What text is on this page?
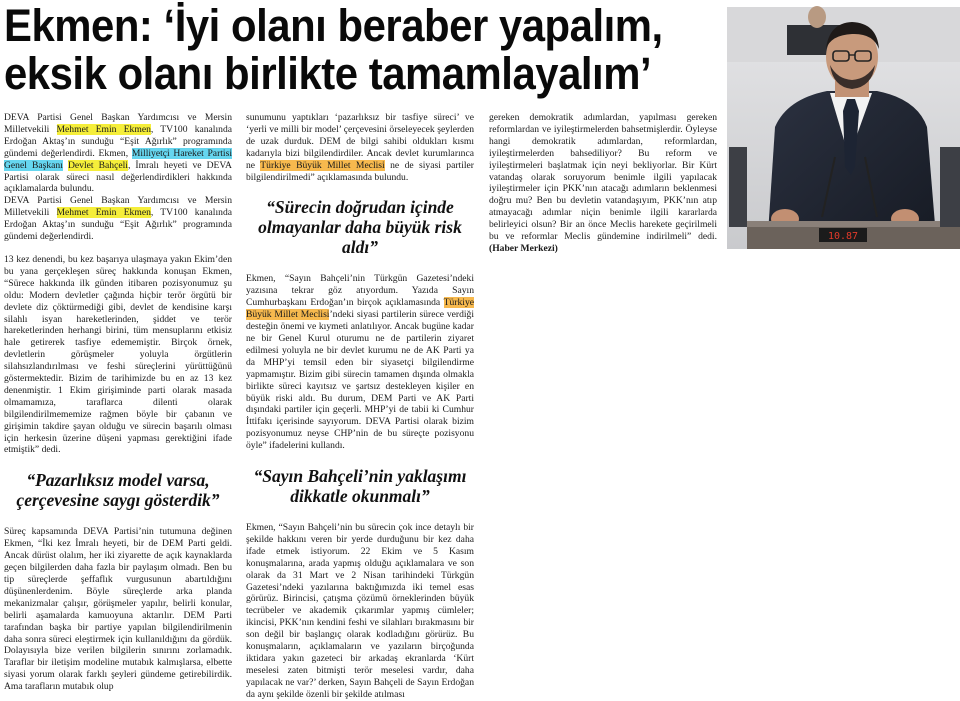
Ekmen: ‘İyi olanı beraber yapalım,
eksik olanı birlikte tamamlayalım’

DEVA Partisi Genel Başkan Yardımcısı ve Mersin Milletvekili Mehmet Emin Ekmen, TV100 kanalında Erdoğan Aktaş’ın sunduğu “Eşit Ağırlık” programında gündemi değerlendirdi. Ekmen, Milliyetçi Hareket Partisi Genel Başkanı Devlet Bahçeli, İmralı heyeti ve DEVA Partisi olarak süreci nasıl değerlendirdikleri hakkında açıklamalarda bulundu.

DEVA Partisi Genel Başkan Yardımcısı ve Mersin Milletvekili Mehmet Emin Ekmen, TV100 kanalında Erdoğan Aktaş’ın sunduğu “Eşit Ağırlık” programında gündemi değerlendirdi.

13 kez denendi, bu kez başarıya ulaşmaya yakın Ekim’den bu yana gerçekleşen süreç hakkında konuşan Ekmen, “Sürece hakkında ilk günden itibaren pozisyonumuz şu oldu: Modern devletler çağında hiçbir terör örgütü bir devlete diz çöktürmediği gibi, devlet de kendisine karşı silahlı isyan hareketlerinden, şiddet ve terör hareketlerinden herhangi birini, tüm mensuplarını etkisiz hale getirerek tasfiye edememiştir. Birçok örnek, devletlerin görüşmeler yoluyla örgütlerin silahsızlandırılması ve feshi süreçlerini yürüttüğünü göstermektedir. Bizim de tarihimizde bu en az 13 kez denenmiştir. 1 Ekim girişiminde parti olarak masada olmamamıza, taraflarca dilenti olarak bilgilendirilmememize rağmen böyle bir çabanın ve girişimin takdire şayan olduğu ve sürecin başarılı olması için herkesin üzerine düşeni yapması gerektiğini ifade etmiştik” dedi.

“Pazarlıksız model varsa, çerçevesine saygı gösterdik”

Süreç kapsamında DEVA Partisi’nin tutumuna değinen Ekmen, “İki kez İmralı heyeti, bir de DEM Parti geldi. Ancak dürüst olalım, her iki ziyarette de açık kaynaklarda geçen bilgilerden daha fazla bir paylaşım olmadı. Ben bu tip süreçlerde şeffaflık vurgusunun abartıldığını düşünenlerdenim. Böyle süreçlerde arka planda mekanizmalar çalışır, görüşmeler yapılır, belirli konular, belirli aşamalarda kamuoyuna aktarılır. DEM Parti tarafından başka bir partiye yapılan bilgilendirilmenin daha sonra süreci eleştirmek için kullanıldığını da gördük. Dolayısıyla bize verilen bilgilerin sınırını zorlamadık. Taraflar bir iletişim modeline mutabık kalmışlarsa, elbette siyasi yorum olarak farklı şeyleri gündeme getirebilirdik. Ama tarafların mutabık olup

sunumunu yaptıkları ‘pazarlıksız bir tasfiye süreci’ ve ‘yerli ve milli bir model’ çerçevesini örseleyecek şeylerden de uzak durduk. DEM de bilgi sahibi oldukları kısmı kadarıyla bizi bilgilendirdiler. Ancak devlet kurumlarınca ne Türkiye Büyük Millet Meclisi ne de siyasi partiler bilgilendirilmedi” açıklamasında bulundu.

“Sürecin doğrudan içinde olmayanlar daha büyük risk aldı”

Ekmen, “Sayın Bahçeli’nin Türkgün Gazetesi’ndeki yazısına tekrar göz atıyordum. Yazıda Sayın Cumhurbaşkanı Erdoğan’ın birçok açıklamasında Türkiye Büyük Millet Meclisi’ndeki siyasi partilerin sürece verdiği desteğin önemi ve kıymeti anlatılıyor. Ancak bugüne kadar ne bir Genel Kurul oturumu ne de partilerin ziyaret edilmesi yoluyla ne bir devlet kurumu ne de AK Parti ya da MHP’yi temsil eden bir siyasetçi bilgilendirme yapmamıştır. Bizim gibi sürecin tamamen dışında olmakla birlikte süreci kayıtsız ve şartsız destekleyen kişiler en büyük riski aldı. Bu durum, DEM Parti ve AK Parti dışındaki partiler için geçerli. MHP’yi de tabii ki Cumhur İttifakı içerisinde sayıyorum. DEVA Partisi olarak bizim pozisyonumuz neyse CHP’nin de bu süreçte pozisyonu öyle” ifadelerini kullandı.

“Sayın Bahçeli’nin yaklaşımı dikkatle okunmalı”

Ekmen, “Sayın Bahçeli’nin bu sürecin çok ince detaylı bir şekilde hakkını veren bir yerde durduğunu bir kez daha ifade etmek istiyorum. 22 Ekim ve 5 Kasım konuşmalarına, arada yapmış olduğu açıklamalara ve son olarak da 31 Mart ve 2 Nisan tarihindeki Türkgün Gazetesi’ndeki yazılarına baktığımızda iki temel esas görürüz. Birincisi, çatışma çözümü örneklerinden büyük tecrübeler ve akademik çıkarımlar yapmış cümleler; ikincisi, PKK’nın kendini feshi ve silahları bırakmasını bir son değil bir başlangıç olarak kodladığını görürüz. Bu konuşmaların, açıklamaların ve yazıların birçoğunda iktidara yakın gazeteci bir arkadaş ekranlarda ‘Kürt meselesi zaten bitmişti terör meselesi vardır, daha yapılacak ne var?’ derken, Sayın Bahçeli de Sayın Erdoğan da aynı şekilde özenli bir şekilde atılması

gereken demokratik adımlardan, yapılması gereken reformlardan ve iyileştirmelerden bahsetmişlerdir. Öyleyse hangi demokratik adımlardan, reformlardan, iyileştirmelerden bahsediliyor? Bu reform ve iyileştirmeleri başlatmak için neyi bekliyorlar. Bir Kürt vatandaş olarak soruyorum benimle ilgili yapılacak iyileştirmeler için PKK’nın atacağı adımların beklenmesi doğru mu? Ben bu devletin vatandaşıyım, PKK’nın atıp atmayacağı adımlar niçin benimle ilgili kararlarda belirleyici olsun? Bir an önce Meclis harekete geçirilmeli bu ve reformlar Meclis gündemine indirilmeli” dedi. (Haber Merkezi)

10.87
